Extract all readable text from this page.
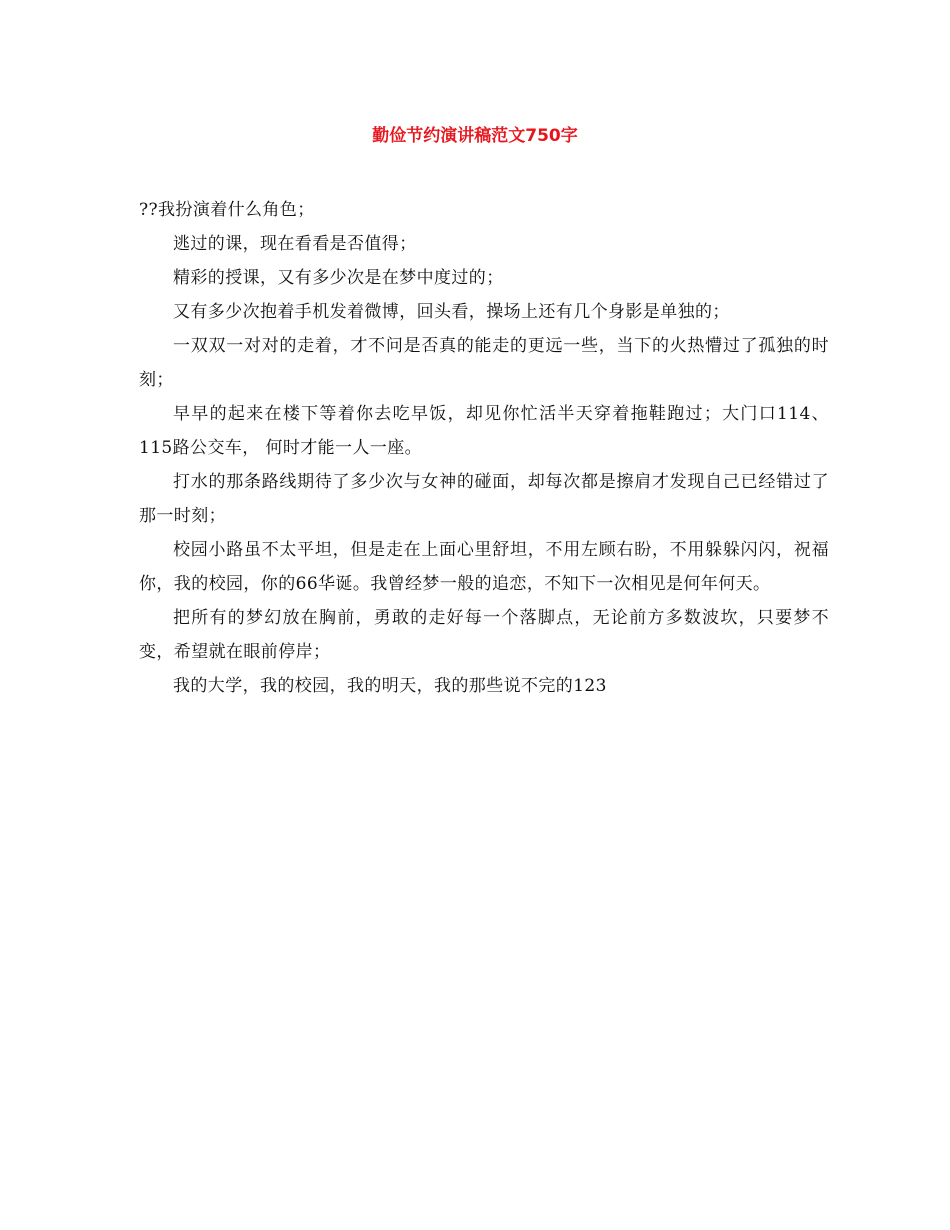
勤俭节约演讲稿范文750字

??我扮演着什么角色；

逃过的课，现在看看是否值得；

精彩的授课，又有多少次是在梦中度过的；

又有多少次抱着手机发着微博，回头看，操场上还有几个身影是单独的；

一双双一对对的走着，才不问是否真的能走的更远一些，当下的火热懵过了孤独的时刻；

早早的起来在楼下等着你去吃早饭，却见你忙活半天穿着拖鞋跑过；大门口114、115路公交车， 何时才能一人一座。

打水的那条路线期待了多少次与女神的碰面，却每次都是擦肩才发现自己已经错过了那一时刻；

校园小路虽不太平坦，但是走在上面心里舒坦，不用左顾右盼，不用躲躲闪闪，祝福你，我的校园，你的66华诞。我曾经梦一般的追恋，不知下一次相见是何年何天。

把所有的梦幻放在胸前，勇敢的走好每一个落脚点，无论前方多数波坎，只要梦不变，希望就在眼前停岸；

我的大学，我的校园，我的明天，我的那些说不完的123
